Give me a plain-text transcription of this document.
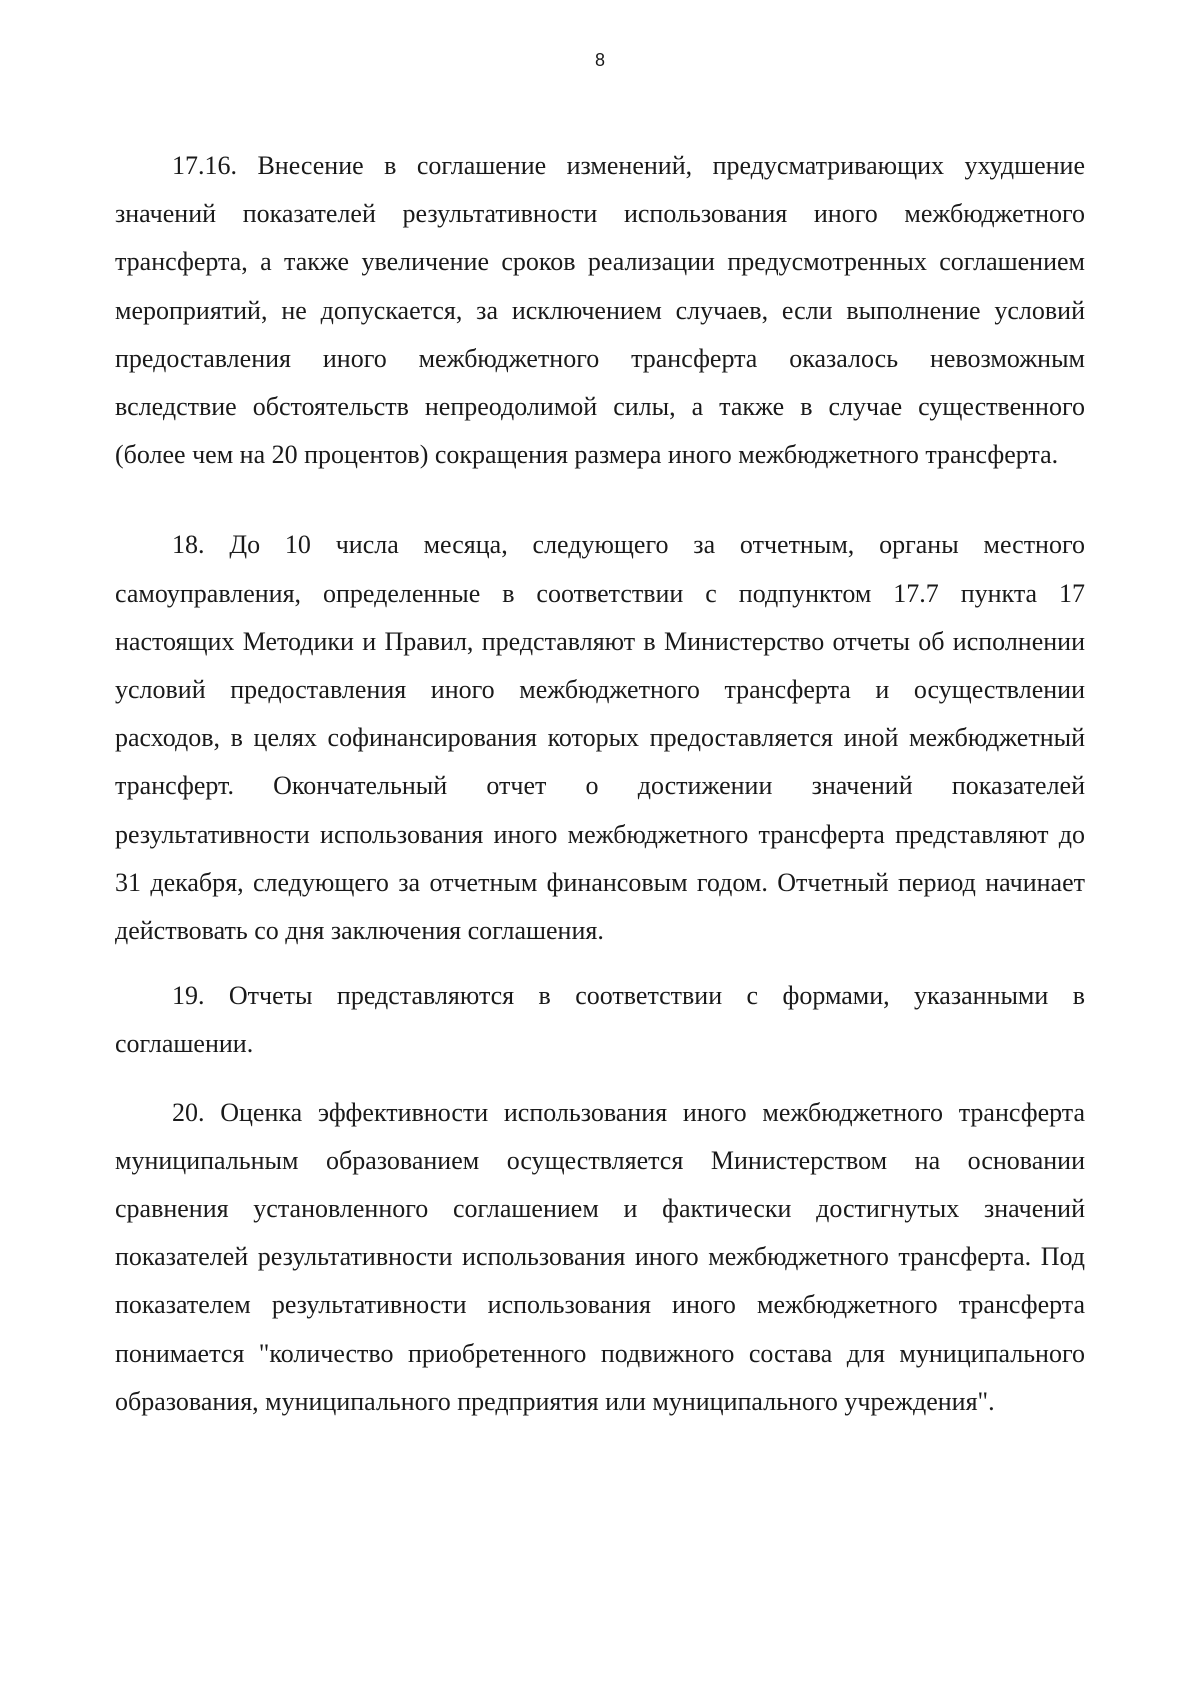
8

17.16. Внесение в соглашение изменений, предусматривающих ухудшение значений показателей результативности использования иного межбюджетного трансферта, а также увеличение сроков реализации предусмотренных соглашением мероприятий, не допускается, за исключением случаев, если выполнение условий предоставления иного межбюджетного трансферта оказалось невозможным вследствие обстоятельств непреодолимой силы, а также в случае существенного (более чем на 20 процентов) сокращения размера иного межбюджетного трансферта.

18. До 10 числа месяца, следующего за отчетным, органы местного самоуправления, определенные в соответствии с подпунктом 17.7 пункта 17 настоящих Методики и Правил, представляют в Министерство отчеты об исполнении условий предоставления иного межбюджетного трансферта и осуществлении расходов, в целях софинансирования которых предоставляется иной межбюджетный трансферт. Окончательный отчет о достижении значений показателей результативности использования иного межбюджетного трансферта представляют до 31 декабря, следующего за отчетным финансовым годом. Отчетный период начинает действовать со дня заключения соглашения.

19. Отчеты представляются в соответствии с формами, указанными в соглашении.

20. Оценка эффективности использования иного межбюджетного трансферта муниципальным образованием осуществляется Министерством на основании сравнения установленного соглашением и фактически достигнутых значений показателей результативности использования иного межбюджетного трансферта. Под показателем результативности использования иного межбюджетного трансферта понимается "количество приобретенного подвижного состава для муниципального образования, муниципального предприятия или муниципального учреждения".
